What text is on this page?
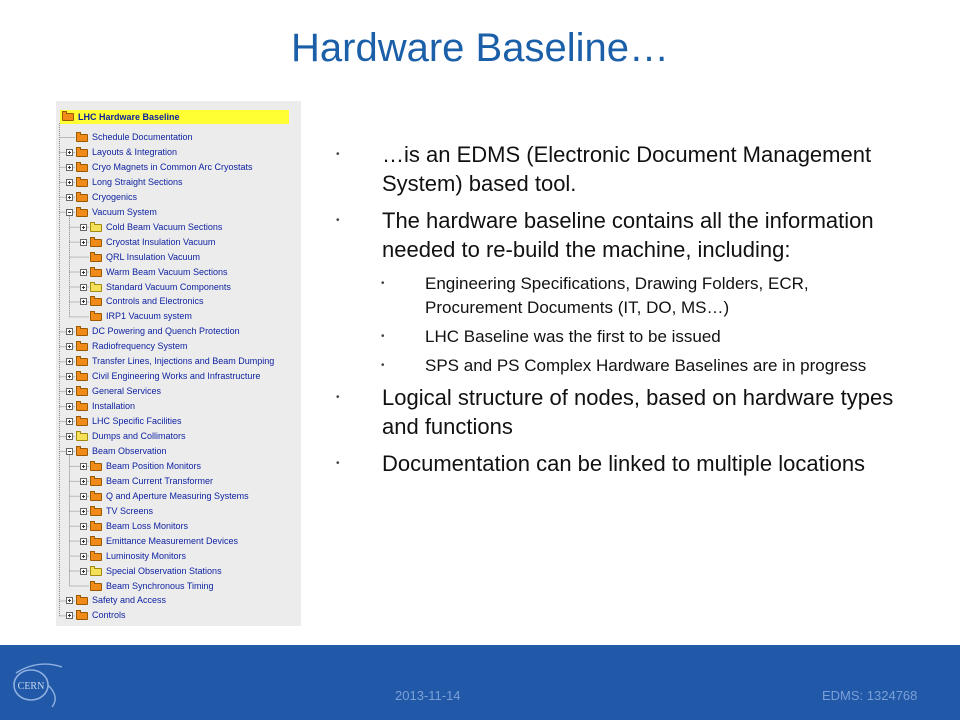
Hardware Baseline…
LHC Hardware Baseline
Schedule Documentation
Layouts & Integration
Cryo Magnets in Common Arc Cryostats
Long Straight Sections
Cryogenics
Vacuum System
Cold Beam Vacuum Sections
Cryostat Insulation Vacuum
QRL Insulation Vacuum
Warm Beam Vacuum Sections
Standard Vacuum Components
Controls and Electronics
IRP1 Vacuum system
DC Powering and Quench Protection
Radiofrequency System
Transfer Lines, Injections and Beam Dumping
Civil Engineering Works and Infrastructure
General Services
Installation
LHC Specific Facilities
Dumps and Collimators
Beam Observation
Beam Position Monitors
Beam Current Transformer
Q and Aperture Measuring Systems
TV Screens
Beam Loss Monitors
Emittance Measurement Devices
Luminosity Monitors
Special Observation Stations
Beam Synchronous Timing
Safety and Access
Controls
• …is an EDMS (Electronic Document Management System) based tool.
• The hardware baseline contains all the information needed to re-build the machine, including:
• Engineering Specifications, Drawing Folders, ECR, Procurement Documents (IT, DO, MS…)
• LHC Baseline was the first to be issued
• SPS and PS Complex Hardware Baselines are in progress
• Logical structure of nodes, based on hardware types and functions
• Documentation can be linked to multiple locations
CERN
2013-11-14	EDMS: 1324768
